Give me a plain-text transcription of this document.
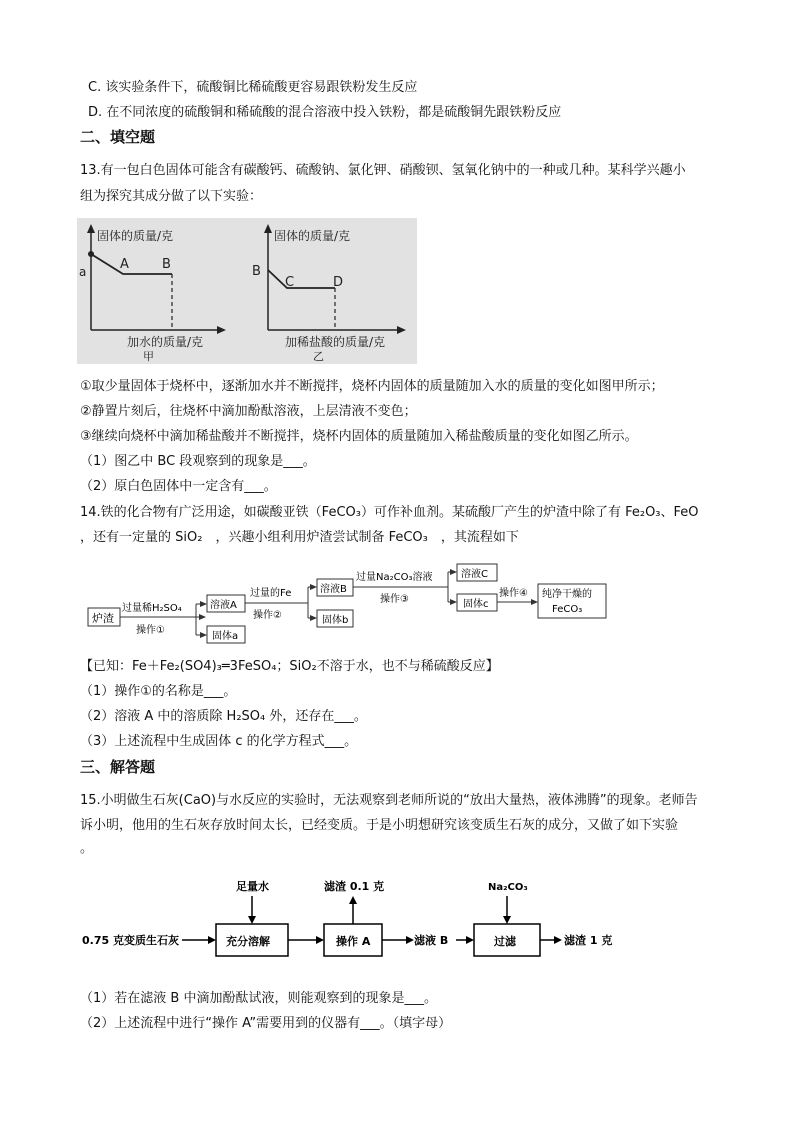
C. 该实验条件下，硫酸铜比稀硫酸更容易跟铁粉发生反应
D. 在不同浓度的硫酸铜和稀硫酸的混合溶液中投入铁粉，都是硫酸铜先跟铁粉反应
二、填空题
13.有一包白色固体可能含有碳酸钙、硫酸钠、氯化钾、硝酸钡、氢氧化钠中的一种或几种。某科学兴趣小
组为探究其成分做了以下实验：
固体的质量/克
a	A	B
加水的质量/克
甲
固体的质量/克
B
C	D
加稀盐酸的质量/克
乙
①取少量固体于烧杯中，逐渐加水并不断搅拌，烧杯内固体的质量随加入水的质量的变化如图甲所示；
②静置片刻后，往烧杯中滴加酚酞溶液，上层清液不变色；
③继续向烧杯中滴加稀盐酸并不断搅拌，烧杯内固体的质量随加入稀盐酸质量的变化如图乙所示。
（1）图乙中 BC 段观察到的现象是___。
（2）原白色固体中一定含有___。
14.铁的化合物有广泛用途，如碳酸亚铁（FeCO₃）可作补血剂。某硫酸厂产生的炉渣中除了有 Fe₂O₃、FeO
，还有一定量的 SiO₂　，兴趣小组利用炉渣尝试制备 FeCO₃　，其流程如下
炉渣
过量稀H₂SO₄
操作①
溶液A
固体a
过量的Fe
操作②
溶液B
固体b
过量Na₂CO₃溶液
操作③
溶液C
固体c
操作④ 纯净干燥的
FeCO₃
【已知：Fe＋Fe₂(SO4)₃═3FeSO₄；SiO₂不溶于水，也不与稀硫酸反应】
（1）操作①的名称是___。
（2）溶液 A 中的溶质除 H₂SO₄ 外，还存在___。
（3）上述流程中生成固体 c 的化学方程式___。
三、解答题
15.小明做生石灰(CaO)与水反应的实验时，无法观察到老师所说的“放出大量热，液体沸腾”的现象。老师告
诉小明，他用的生石灰存放时间太长，已经变质。于是小明想研究该变质生石灰的成分，又做了如下实验
。
0.75 克变质生石灰	充分溶解
足量水
操作 A
滤渣 0.1 克
滤液 B	过滤
Na₂CO₃
滤渣 1 克
（1）若在滤液 B 中滴加酚酞试液，则能观察到的现象是___。
（2）上述流程中进行“操作 A”需要用到的仪器有___。（填字母）
